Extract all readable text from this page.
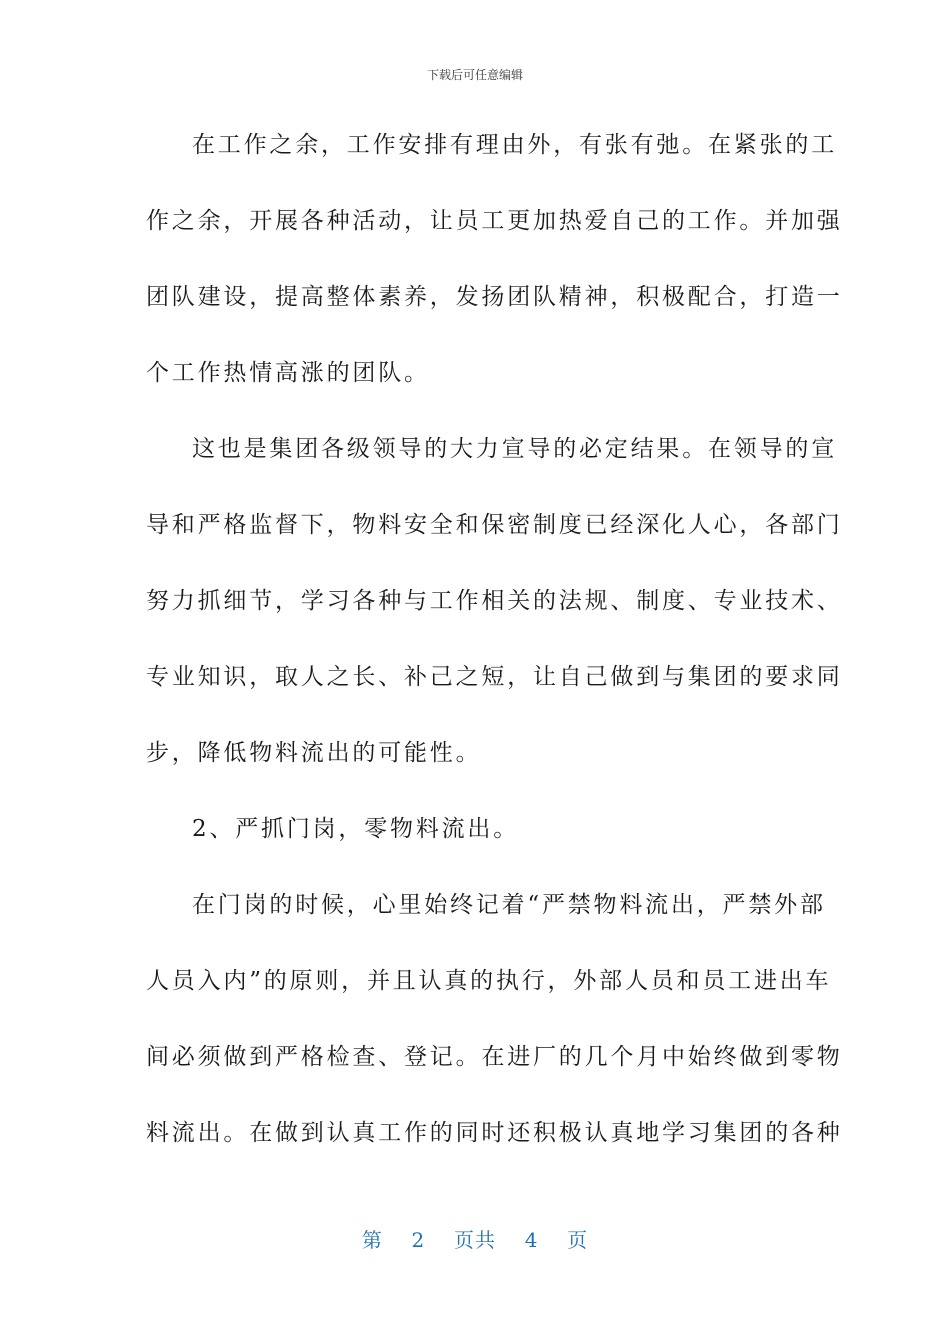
下载后可任意编辑

在工作之余，工作安排有理由外，有张有弛。在紧张的工
作之余，开展各种活动，让员工更加热爱自己的工作。并加强
团队建设，提高整体素养，发扬团队精神，积极配合，打造一
个工作热情高涨的团队。

这也是集团各级领导的大力宣导的必定结果。在领导的宣
导和严格监督下，物料安全和保密制度已经深化人心，各部门
努力抓细节，学习各种与工作相关的法规、制度、专业技术、
专业知识，取人之长、补己之短，让自己做到与集团的要求同
步，降低物料流出的可能性。

2、严抓门岗，零物料流出。

在门岗的时候，心里始终记着“严禁物料流出，严禁外部
人员入内”的原则，并且认真的执行，外部人员和员工进出车
间必须做到严格检查、登记。在进厂的几个月中始终做到零物
料流出。在做到认真工作的同时还积极认真地学习集团的各种

第 2 页共 4 页
